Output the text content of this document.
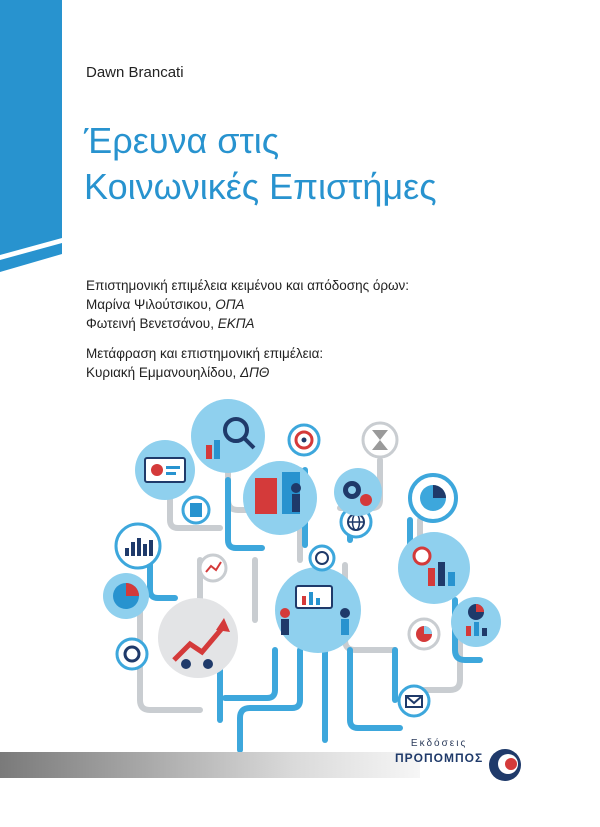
Dawn Brancati
Έρευνα στις
Κοινωνικές Επιστήμες
Επιστημονική επιμέλεια κειμένου και απόδοσης όρων:
Μαρίνα Ψιλούτσικου, ΟΠΑ
Φωτεινή Βενετσάνου, ΕΚΠΑ
Μετάφραση και επιστημονική επιμέλεια:
Κυριακή Εμμανουηλίδου, ΔΠΘ
Εκδόσεις
ΠΡΟΠΟΜΠΟΣ
